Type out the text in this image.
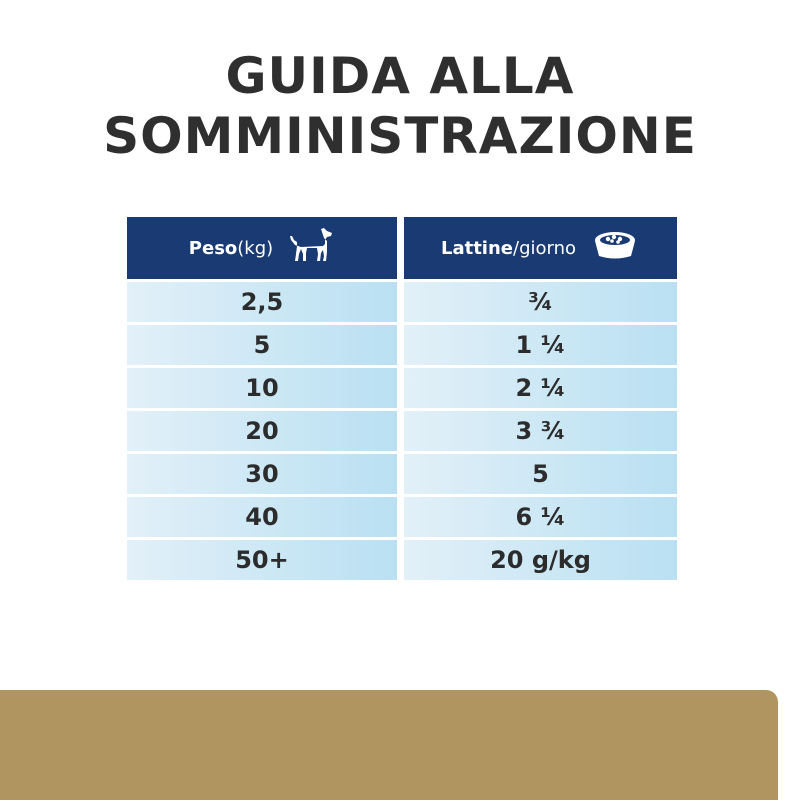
GUIDA ALLA
SOMMINISTRAZIONE
Peso (kg)	Lattine /giorno
2,5	¾
5	1 ¼
10	2 ¼
20	3 ¾
30	5
40	6 ¼
50+	20 g/kg
